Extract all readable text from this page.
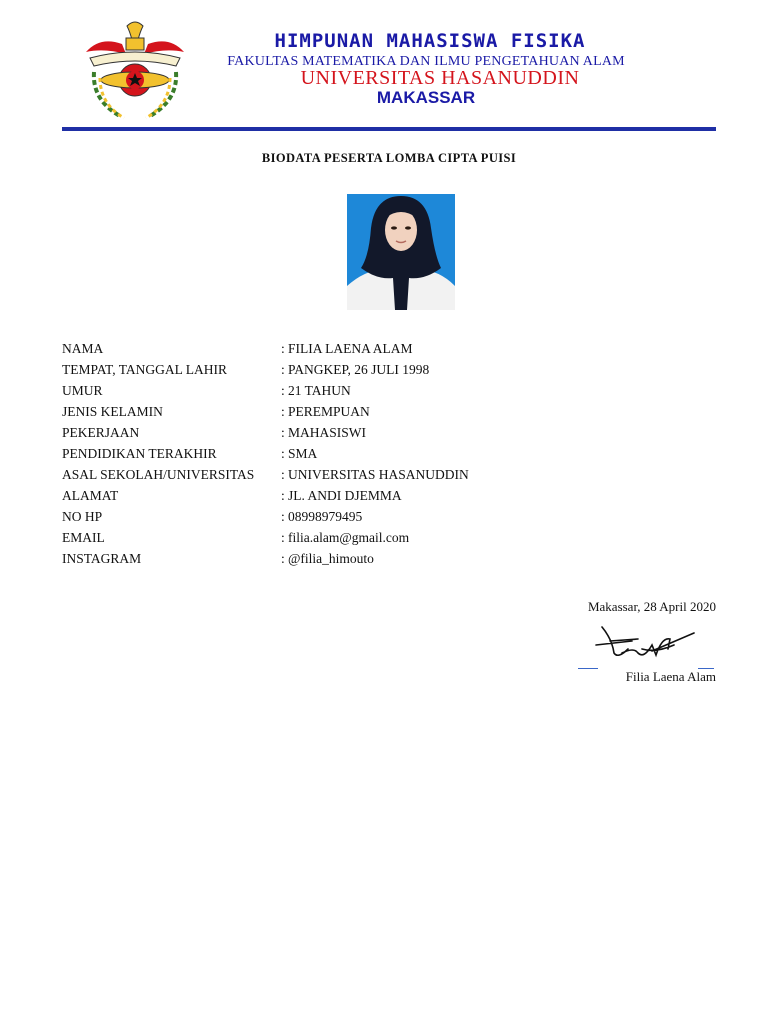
HIMPUNAN MAHASISWA FISIKA
FAKULTAS MATEMATIKA DAN ILMU PENGETAHUAN ALAM
UNIVERSITAS HASANUDDIN
MAKASSAR
BIODATA PESERTA LOMBA CIPTA PUISI
NAMA	: FILIA LAENA ALAM
TEMPAT, TANGGAL LAHIR	: PANGKEP, 26 JULI 1998
UMUR	: 21 TAHUN
JENIS KELAMIN	: PEREMPUAN
PEKERJAAN	: MAHASISWI
PENDIDIKAN TERAKHIR	: SMA
ASAL SEKOLAH/UNIVERSITAS : UNIVERSITAS HASANUDDIN
ALAMAT	: JL. ANDI DJEMMA
NO HP	: 08998979495
EMAIL	: filia.alam@gmail.com
INSTAGRAM	: @filia_himouto
Makassar, 28 April 2020
Filia Laena Alam
